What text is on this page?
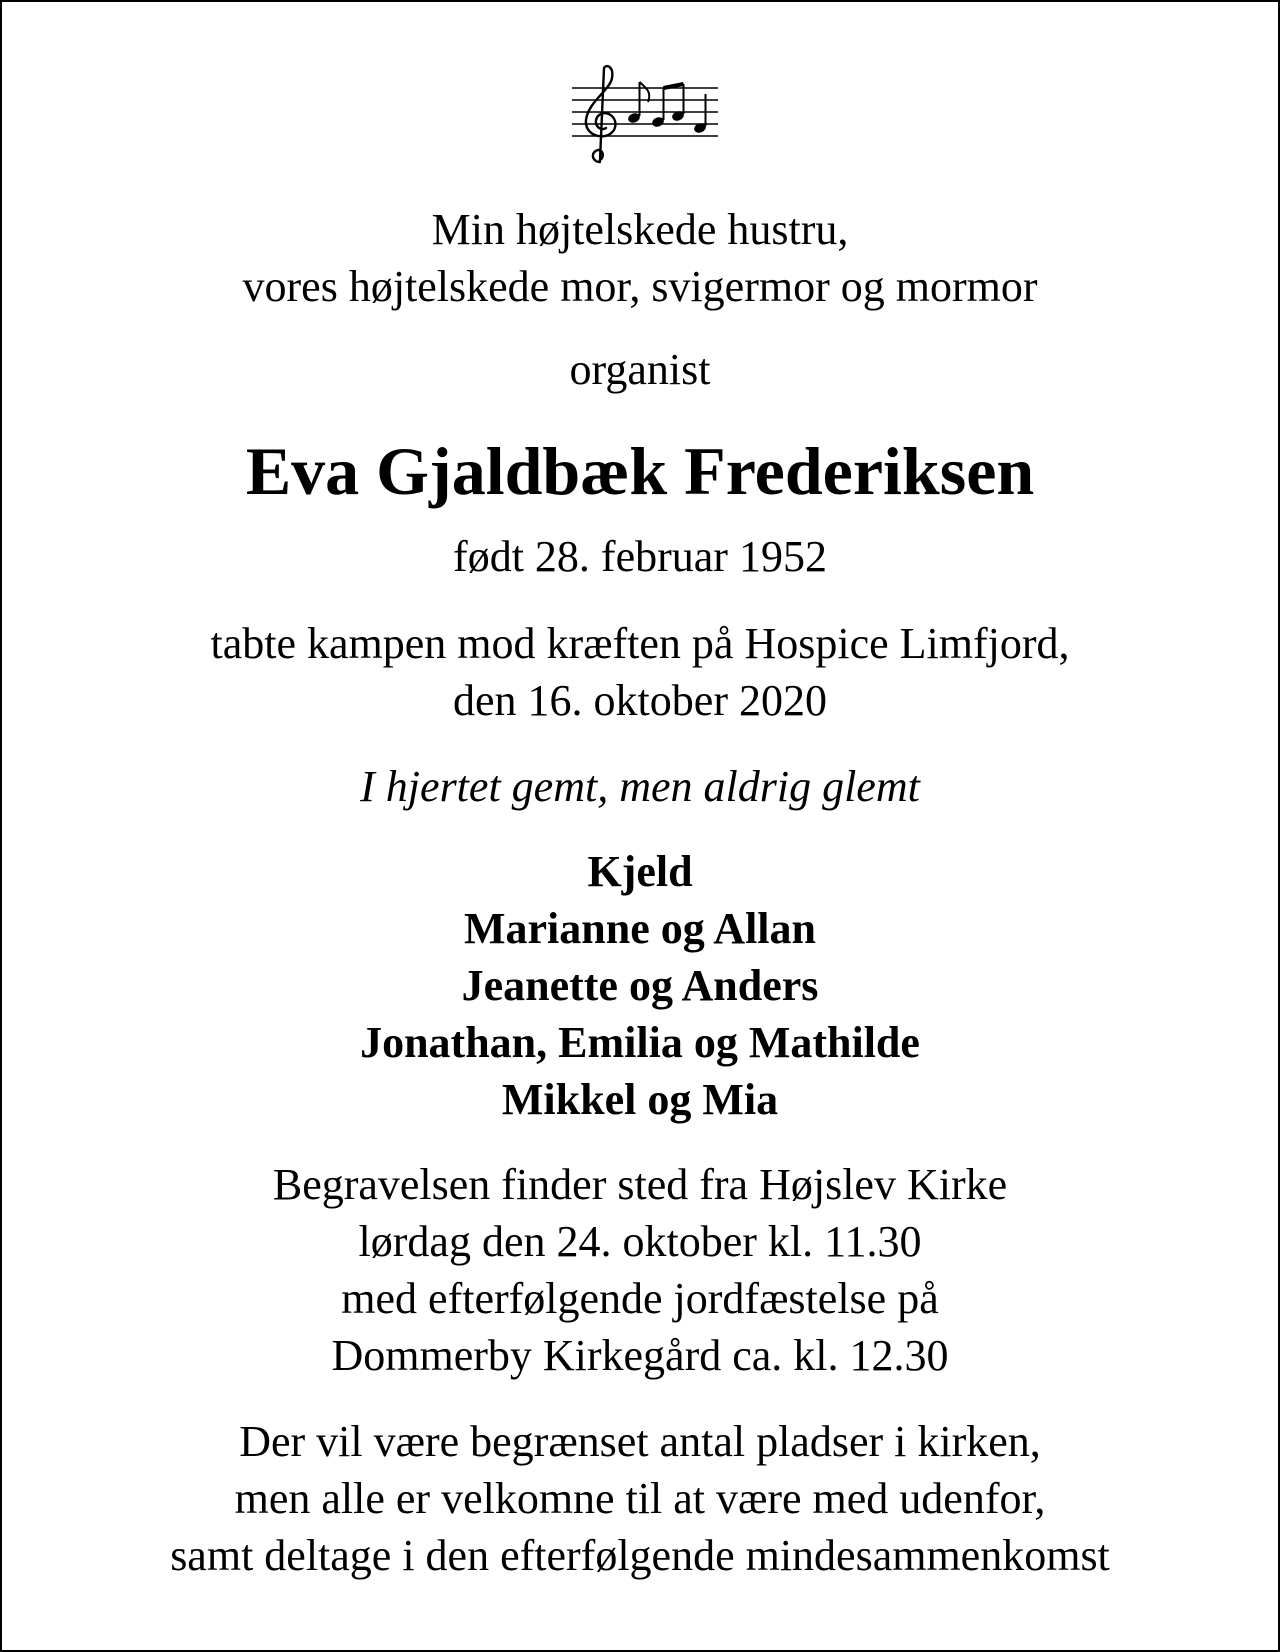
Min højtelskede hustru,
vores højtelskede mor, svigermor og mormor
organist
Eva Gjaldbæk Frederiksen
født 28. februar 1952
tabte kampen mod kræften på Hospice Limfjord,
den 16. oktober 2020
I hjertet gemt, men aldrig glemt
Kjeld
Marianne og Allan
Jeanette og Anders
Jonathan, Emilia og Mathilde
Mikkel og Mia
Begravelsen finder sted fra Højslev Kirke
lørdag den 24. oktober kl. 11.30
med efterfølgende jordfæstelse på
Dommerby Kirkegård ca. kl. 12.30
Der vil være begrænset antal pladser i kirken,
men alle er velkomne til at være med udenfor,
samt deltage i den efterfølgende mindesammenkomst
